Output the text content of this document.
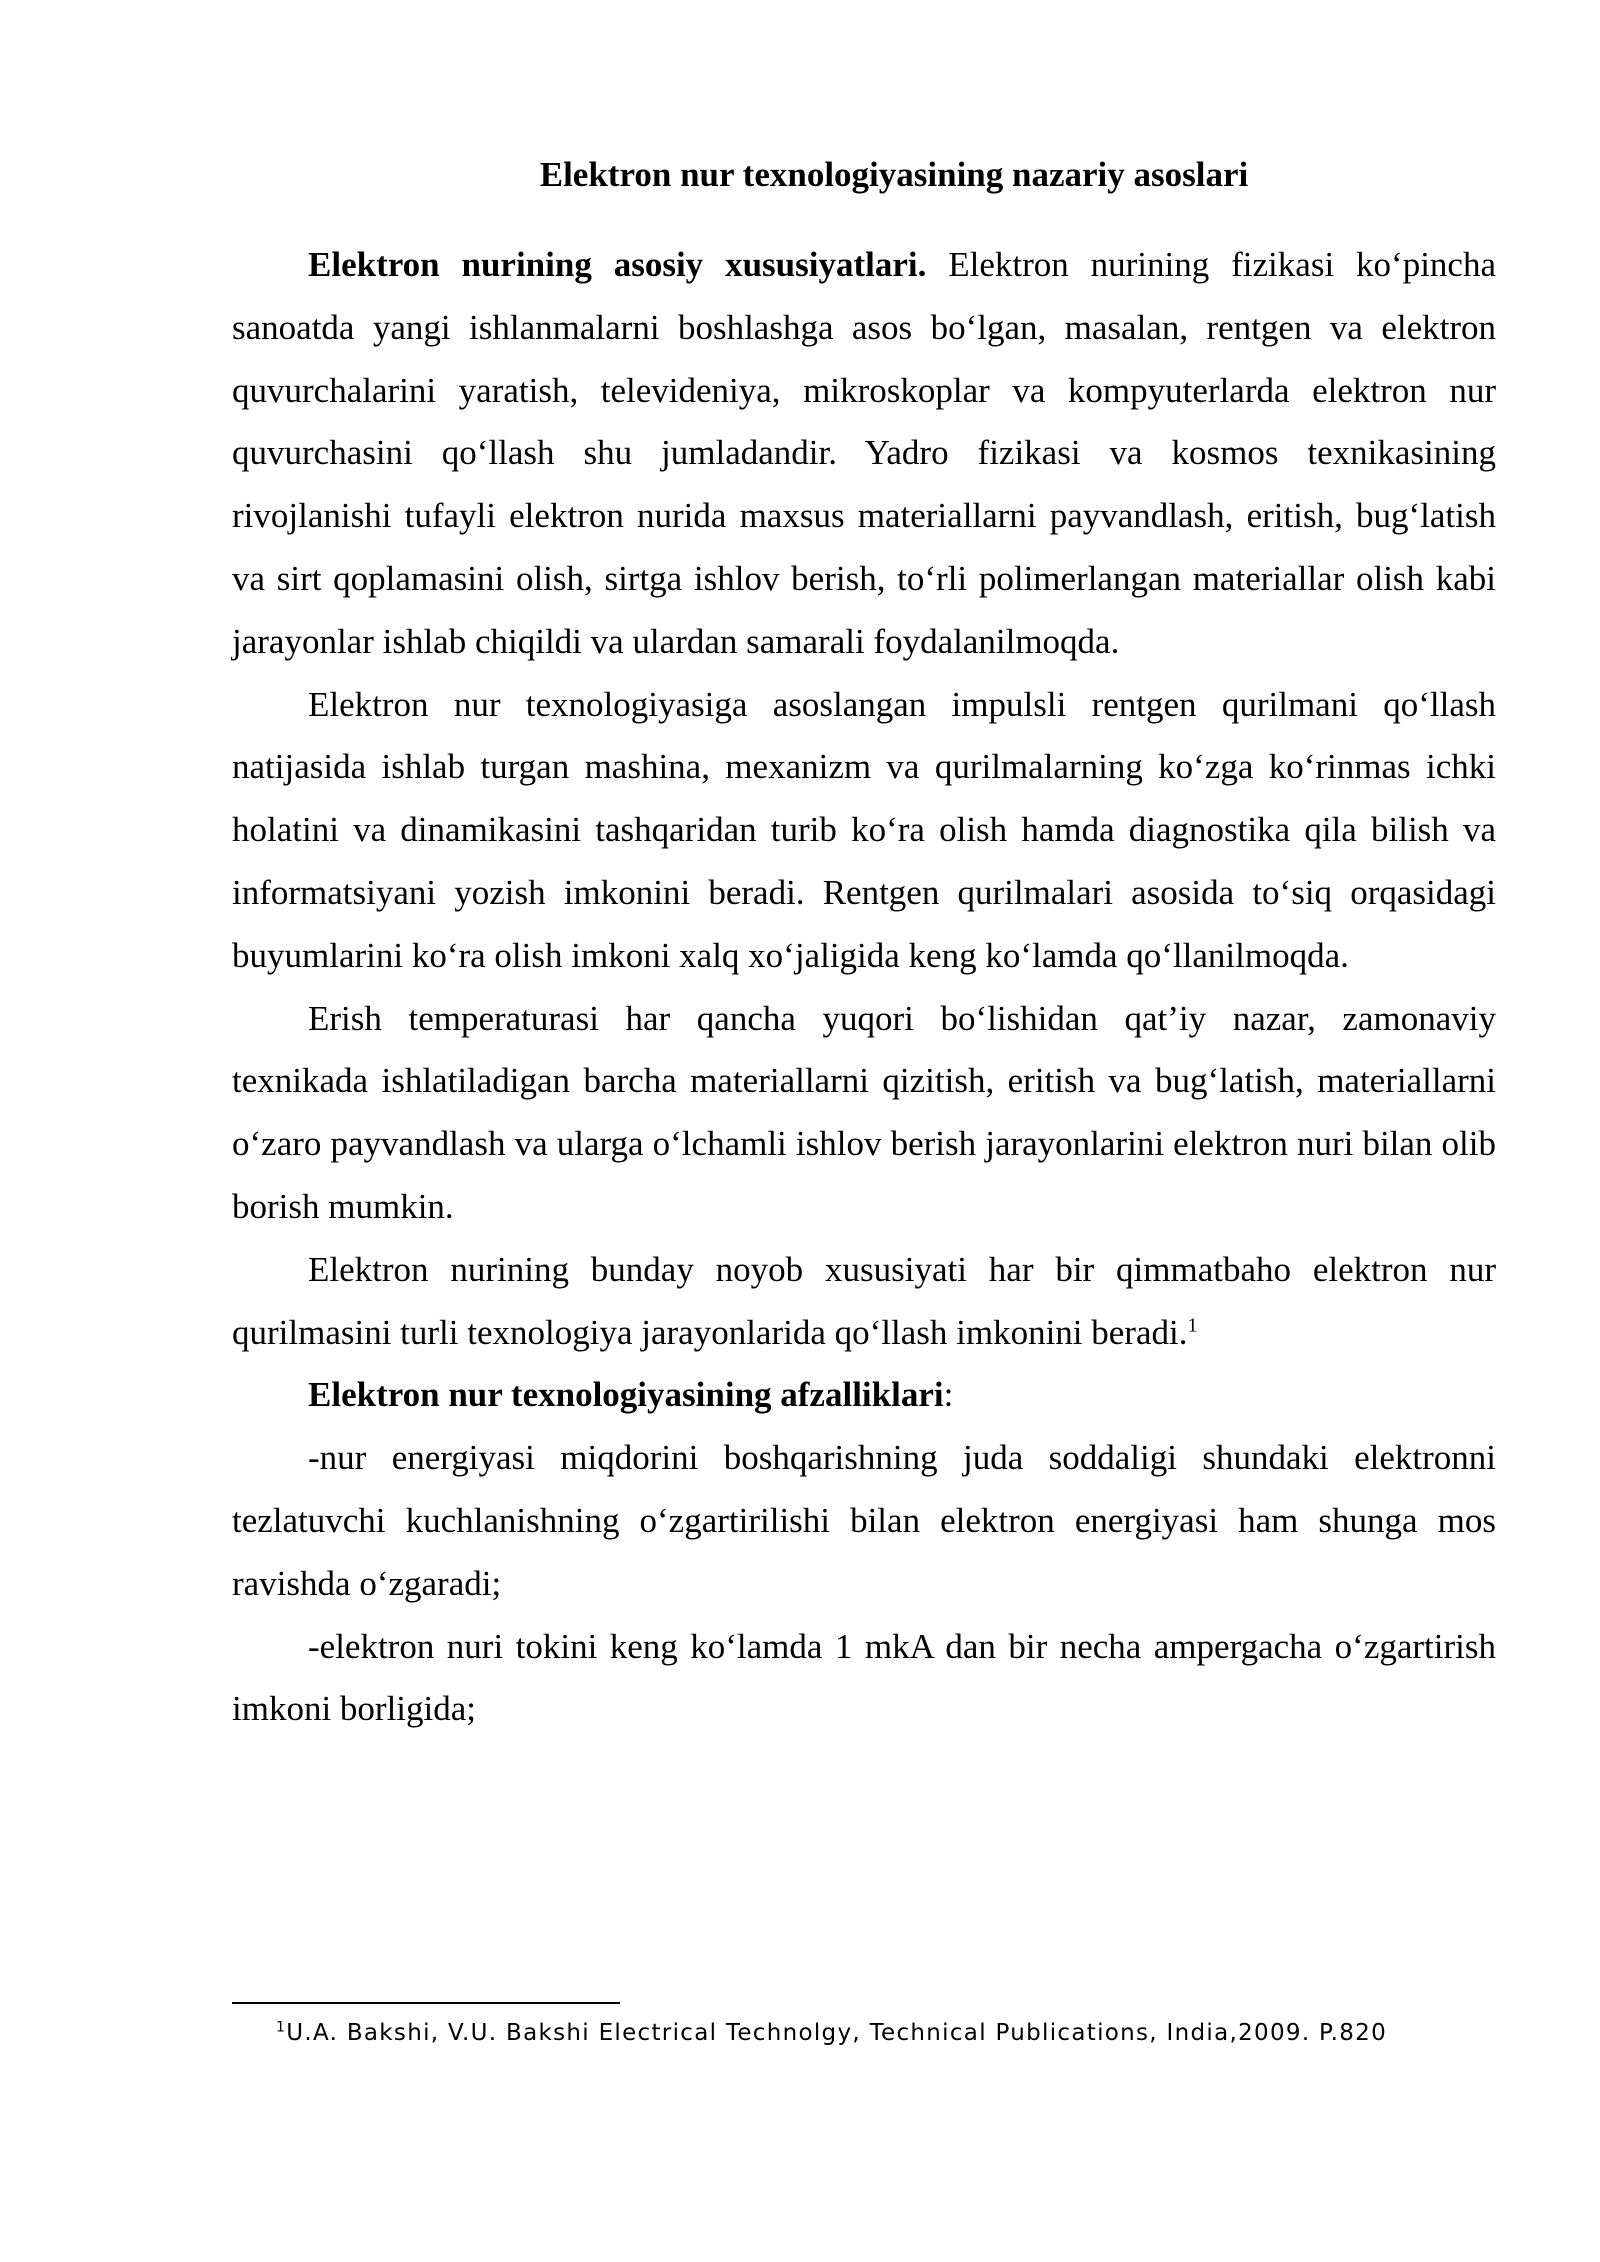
Elektron nur texnologiyasining nazariy asoslari

Elektron nurining asosiy xususiyatlari. Elektron nurining fizikasi ko‘pincha sanoatda yangi ishlanmalarni boshlashga asos bo‘lgan, masalan, rentgen va elektron quvurchalarini yaratish, televideniya, mikroskoplar va kompyuterlarda elektron nur quvurchasini qo‘llash shu jumladandir. Yadro fizikasi va kosmos texnikasining rivojlanishi tufayli elektron nurida maxsus materiallarni payvandlash, eritish, bug‘latish va sirt qoplamasini olish, sirtga ishlov berish, to‘rli polimerlangan materiallar olish kabi jarayonlar ishlab chiqildi va ulardan samarali foydalanilmoqda.

Elektron nur texnologiyasiga asoslangan impulsli rentgen qurilmani qo‘llash natijasida ishlab turgan mashina, mexanizm va qurilmalarning ko‘zga ko‘rinmas ichki holatini va dinamikasini tashqaridan turib ko‘ra olish hamda diagnostika qila bilish va informatsiyani yozish imkonini beradi. Rentgen qurilmalari asosida to‘siq orqasidagi buyumlarini ko‘ra olish imkoni xalq xo‘jaligida keng ko‘lamda qo‘llanilmoqda.

Erish temperaturasi har qancha yuqori bo‘lishidan qat’iy nazar, zamonaviy texnikada ishlatiladigan barcha materiallarni qizitish, eritish va bug‘latish, materiallarni o‘zaro payvandlash va ularga o‘lchamli ishlov berish jarayonlarini elektron nuri bilan olib borish mumkin.

Elektron nurining bunday noyob xususiyati har bir qimmatbaho elektron nur qurilmasini turli texnologiya jarayonlarida qo‘llash imkonini beradi.$^1$

Elektron nur texnologiyasining afzalliklari:

-nur energiyasi miqdorini boshqarishning juda soddaligi shundaki elektronni tezlatuvchi kuchlanishning o‘zgartirilishi bilan elektron energiyasi ham shunga mos ravishda o‘zgaradi;

-elektron nuri tokini keng ko‘lamda 1 mkA dan bir necha ampergacha o‘zgartirish imkoni borligida;

$^1$U.A. Bakshi, V.U. Bakshi Electrical Technolgy, Technical Publications, India,2009. P.820
